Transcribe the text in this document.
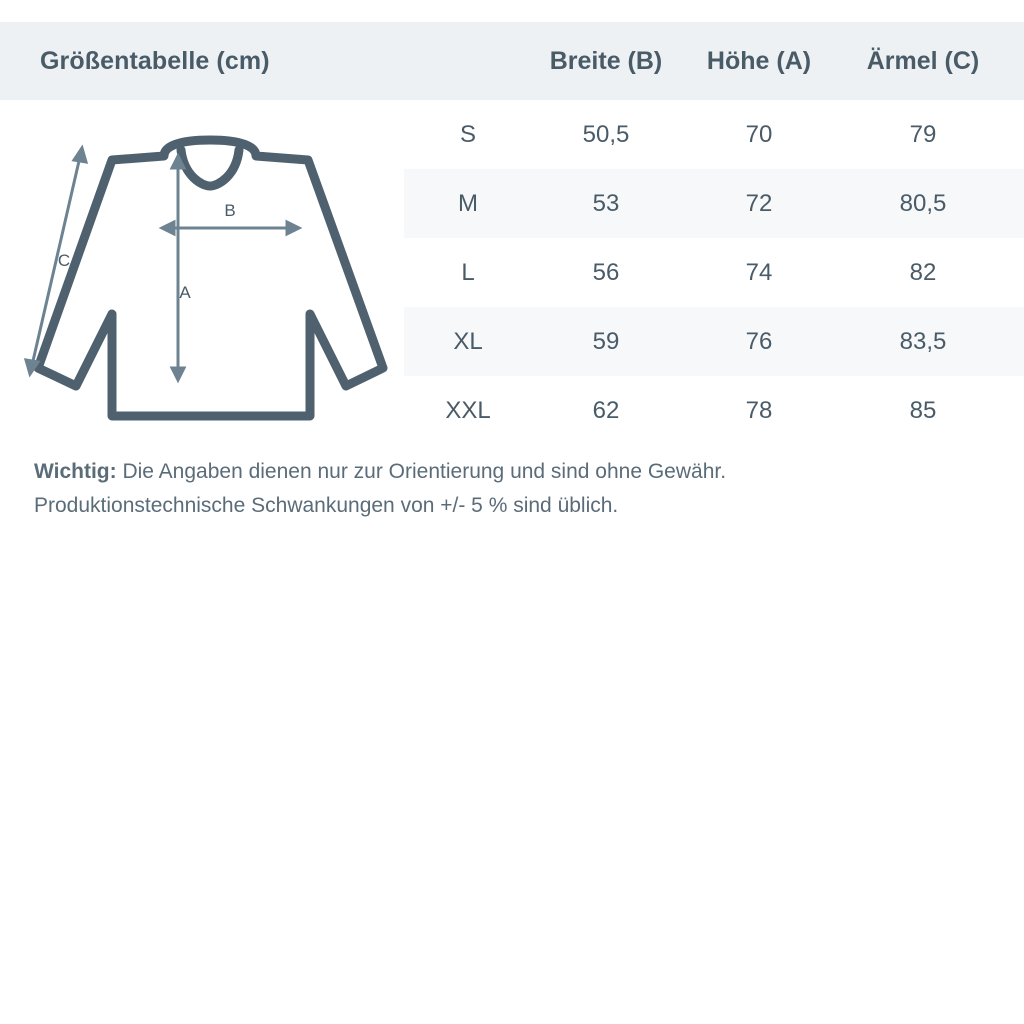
Größentabelle (cm)	Breite (B)	Höhe (A)	Ärmel (C)
B
A
C
S	50,5	70	79
M	53	72	80,5
L	56	74	82
XL	59	76	83,5
XXL	62	78	85
Wichtig: Die Angaben dienen nur zur Orientierung und sind ohne Gewähr.
Produktionstechnische Schwankungen von +/- 5 % sind üblich.
